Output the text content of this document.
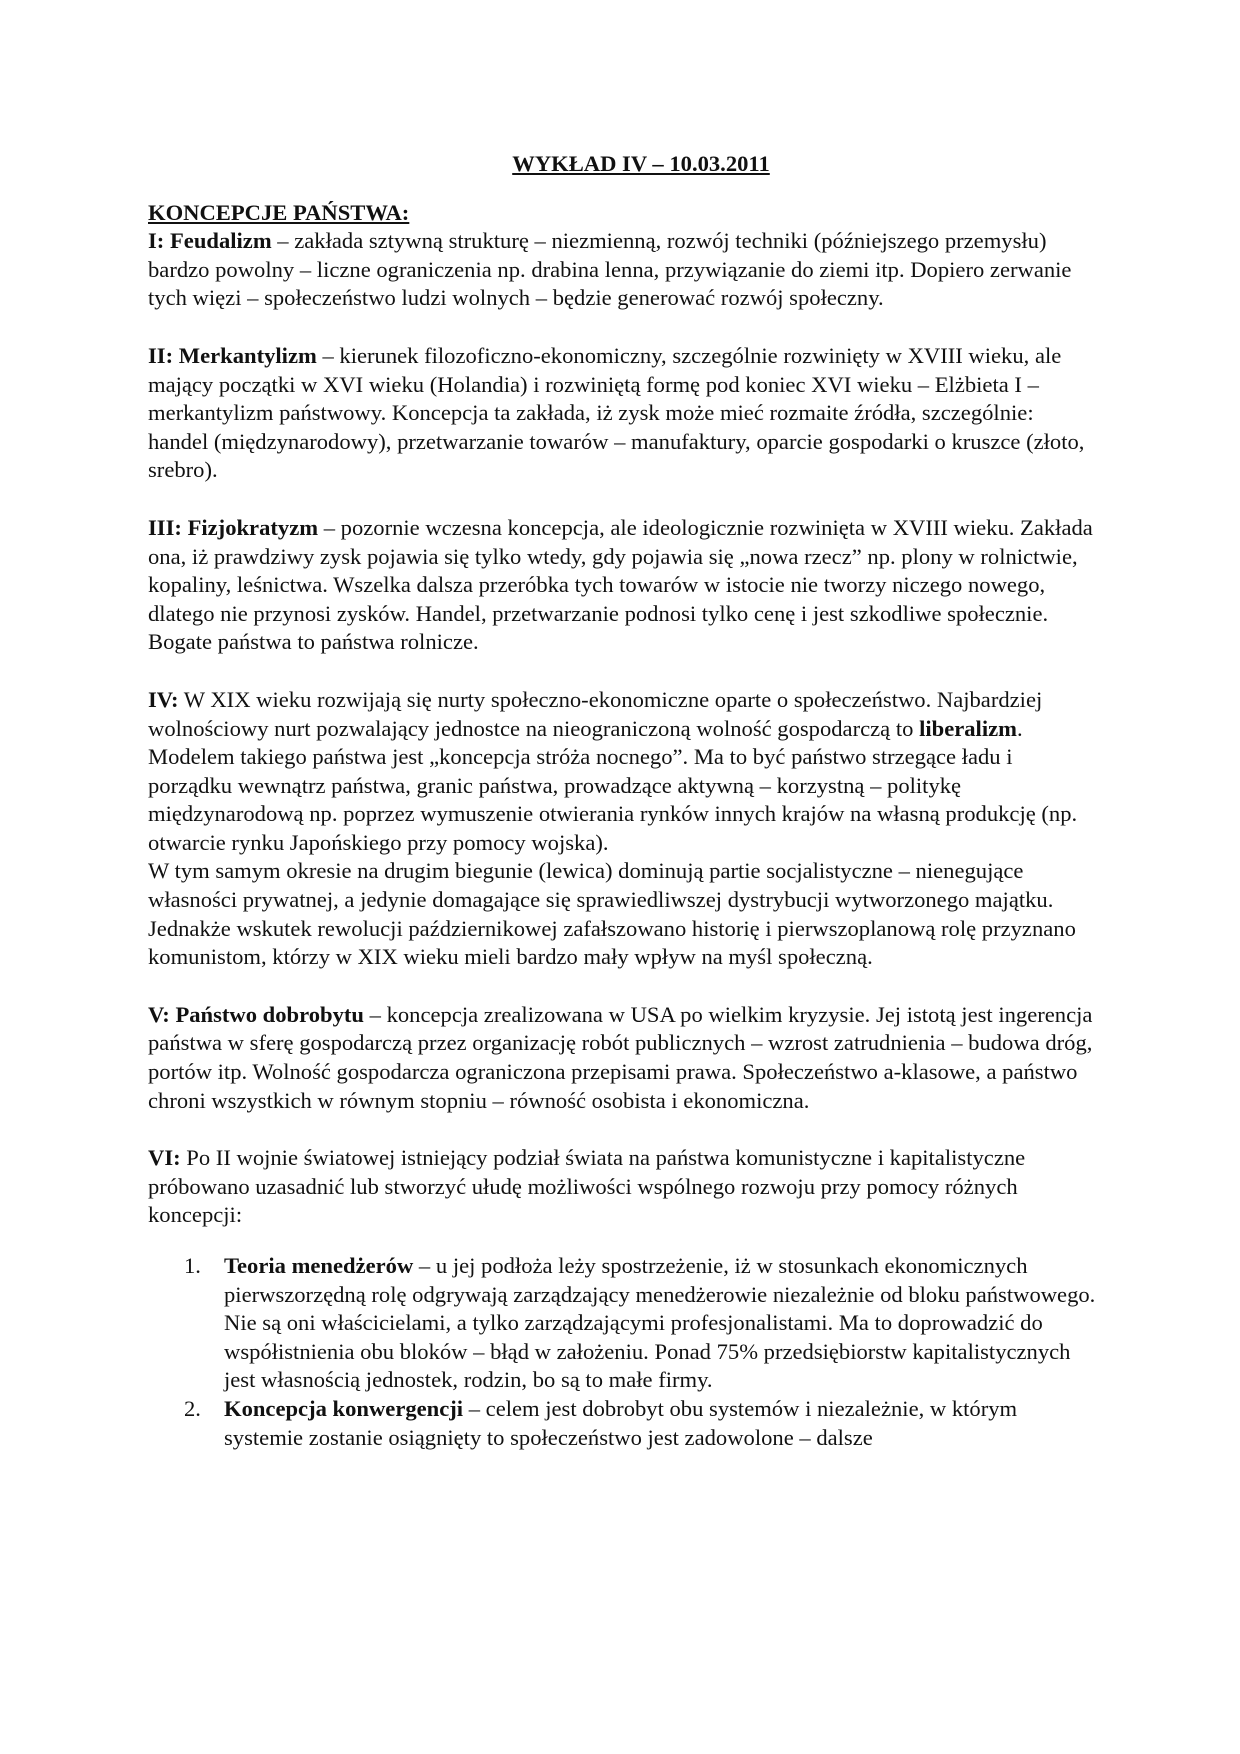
WYKŁAD IV – 10.03.2011
KONCEPCJE PAŃSTWA:

I: Feudalizm – zakłada sztywną strukturę – niezmienną, rozwój techniki (późniejszego przemysłu) bardzo powolny – liczne ograniczenia np. drabina lenna, przywiązanie do ziemi itp. Dopiero zerwanie tych więzi – społeczeństwo ludzi wolnych – będzie generować rozwój społeczny.

II: Merkantylizm – kierunek filozoficzno-ekonomiczny, szczególnie rozwinięty w XVIII wieku, ale mający początki w XVI wieku (Holandia) i rozwiniętą formę pod koniec XVI wieku – Elżbieta I – merkantylizm państwowy. Koncepcja ta zakłada, iż zysk może mieć rozmaite źródła, szczególnie: handel (międzynarodowy), przetwarzanie towarów – manufaktury, oparcie gospodarki o kruszce (złoto, srebro).

III: Fizjokratyzm – pozornie wczesna koncepcja, ale ideologicznie rozwinięta w XVIII wieku. Zakłada ona, iż prawdziwy zysk pojawia się tylko wtedy, gdy pojawia się „nowa rzecz” np. plony w rolnictwie, kopaliny, leśnictwa. Wszelka dalsza przeróbka tych towarów w istocie nie tworzy niczego nowego, dlatego nie przynosi zysków. Handel, przetwarzanie podnosi tylko cenę i jest szkodliwe społecznie. Bogate państwa to państwa rolnicze.

IV: W XIX wieku rozwijają się nurty społeczno-ekonomiczne oparte o społeczeństwo. Najbardziej wolnościowy nurt pozwalający jednostce na nieograniczoną wolność gospodarczą to liberalizm. Modelem takiego państwa jest „koncepcja stróża nocnego”. Ma to być państwo strzegące ładu i porządku wewnątrz państwa, granic państwa, prowadzące aktywną – korzystną – politykę międzynarodową np. poprzez wymuszenie otwierania rynków innych krajów na własną produkcję (np. otwarcie rynku Japońskiego przy pomocy wojska).
W tym samym okresie na drugim biegunie (lewica) dominują partie socjalistyczne – nienegujące własności prywatnej, a jedynie domagające się sprawiedliwszej dystrybucji wytworzonego majątku. Jednakże wskutek rewolucji październikowej zafałszowano historię i pierwszoplanową rolę przyznano komunistom, którzy w XIX wieku mieli bardzo mały wpływ na myśl społeczną.

V: Państwo dobrobytu – koncepcja zrealizowana w USA po wielkim kryzysie. Jej istotą jest ingerencja państwa w sferę gospodarczą przez organizację robót publicznych – wzrost zatrudnienia – budowa dróg, portów itp. Wolność gospodarcza ograniczona przepisami prawa. Społeczeństwo a-klasowe, a państwo chroni wszystkich w równym stopniu – równość osobista i ekonomiczna.

VI: Po II wojnie światowej istniejący podział świata na państwa komunistyczne i kapitalistyczne próbowano uzasadnić lub stworzyć ułudę możliwości wspólnego rozwoju przy pomocy różnych koncepcji:

1. Teoria menedżerów – u jej podłoża leży spostrzeżenie, iż w stosunkach ekonomicznych pierwszorzędną rolę odgrywają zarządzający menedżerowie niezależnie od bloku państwowego. Nie są oni właścicielami, a tylko zarządzającymi profesjonalistami. Ma to doprowadzić do współistnienia obu bloków – błąd w założeniu. Ponad 75% przedsiębiorstw kapitalistycznych jest własnością jednostek, rodzin, bo są to małe firmy.
2. Koncepcja konwergencji – celem jest dobrobyt obu systemów i niezależnie, w którym systemie zostanie osiągnięty to społeczeństwo jest zadowolone – dalsze
